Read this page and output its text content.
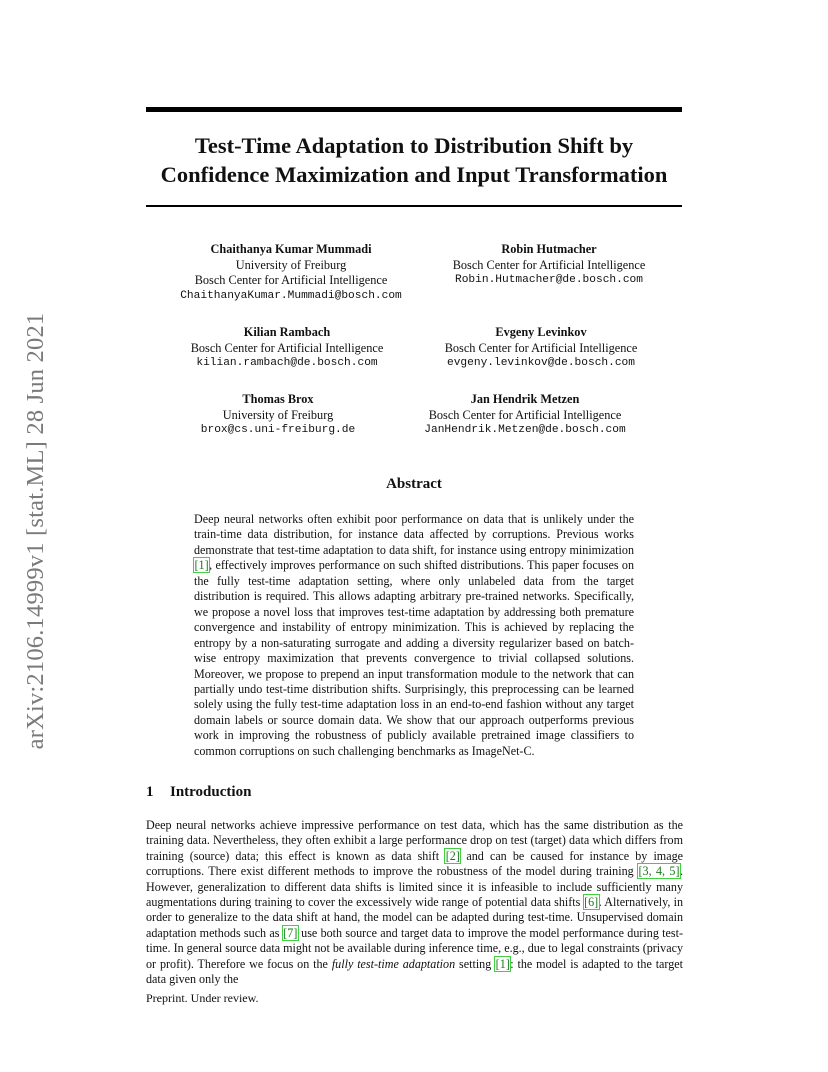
Test-Time Adaptation to Distribution Shift by
Confidence Maximization and Input Transformation
arXiv:2106.14999v1 [stat.ML] 28 Jun 2021
Chaithanya Kumar Mummadi
University of Freiburg
Bosch Center for Artificial Intelligence
ChaithanyaKumar.Mummadi@bosch.com
Robin Hutmacher
Bosch Center for Artificial Intelligence
Robin.Hutmacher@de.bosch.com
Kilian Rambach
Bosch Center for Artificial Intelligence
kilian.rambach@de.bosch.com
Evgeny Levinkov
Bosch Center for Artificial Intelligence
evgeny.levinkov@de.bosch.com
Thomas Brox
University of Freiburg
brox@cs.uni-freiburg.de
Jan Hendrik Metzen
Bosch Center for Artificial Intelligence
JanHendrik.Metzen@de.bosch.com
Abstract

Deep neural networks often exhibit poor performance on data that is unlikely under the train-time data distribution, for instance data affected by corruptions. Previous works demonstrate that test-time adaptation to data shift, for instance using entropy minimization [1], effectively improves performance on such shifted distributions. This paper focuses on the fully test-time adaptation setting, where only unlabeled data from the target distribution is required. This allows adapting arbitrary pre-trained networks. Specifically, we propose a novel loss that improves test-time adaptation by addressing both premature convergence and instability of entropy minimization. This is achieved by replacing the entropy by a non-saturating surrogate and adding a diversity regularizer based on batch-wise entropy maximization that prevents convergence to trivial collapsed solutions. Moreover, we propose to prepend an input transformation module to the network that can partially undo test-time distribution shifts. Surprisingly, this preprocessing can be learned solely using the fully test-time adaptation loss in an end-to-end fashion without any target domain labels or source domain data. We show that our approach outperforms previous work in improving the robustness of publicly available pretrained image classifiers to common corruptions on such challenging benchmarks as ImageNet-C.

1 Introduction

Deep neural networks achieve impressive performance on test data, which has the same distribution as the training data. Nevertheless, they often exhibit a large performance drop on test (target) data which differs from training (source) data; this effect is known as data shift [2] and can be caused for instance by image corruptions. There exist different methods to improve the robustness of the model during training [3, 4, 5]. However, generalization to different data shifts is limited since it is infeasible to include sufficiently many augmentations during training to cover the excessively wide range of potential data shifts [6]. Alternatively, in order to generalize to the data shift at hand, the model can be adapted during test-time. Unsupervised domain adaptation methods such as [7] use both source and target data to improve the model performance during test-time. In general source data might not be available during inference time, e.g., due to legal constraints (privacy or profit). Therefore we focus on the fully test-time adaptation setting [1]: the model is adapted to the target data given only the

Preprint. Under review.
